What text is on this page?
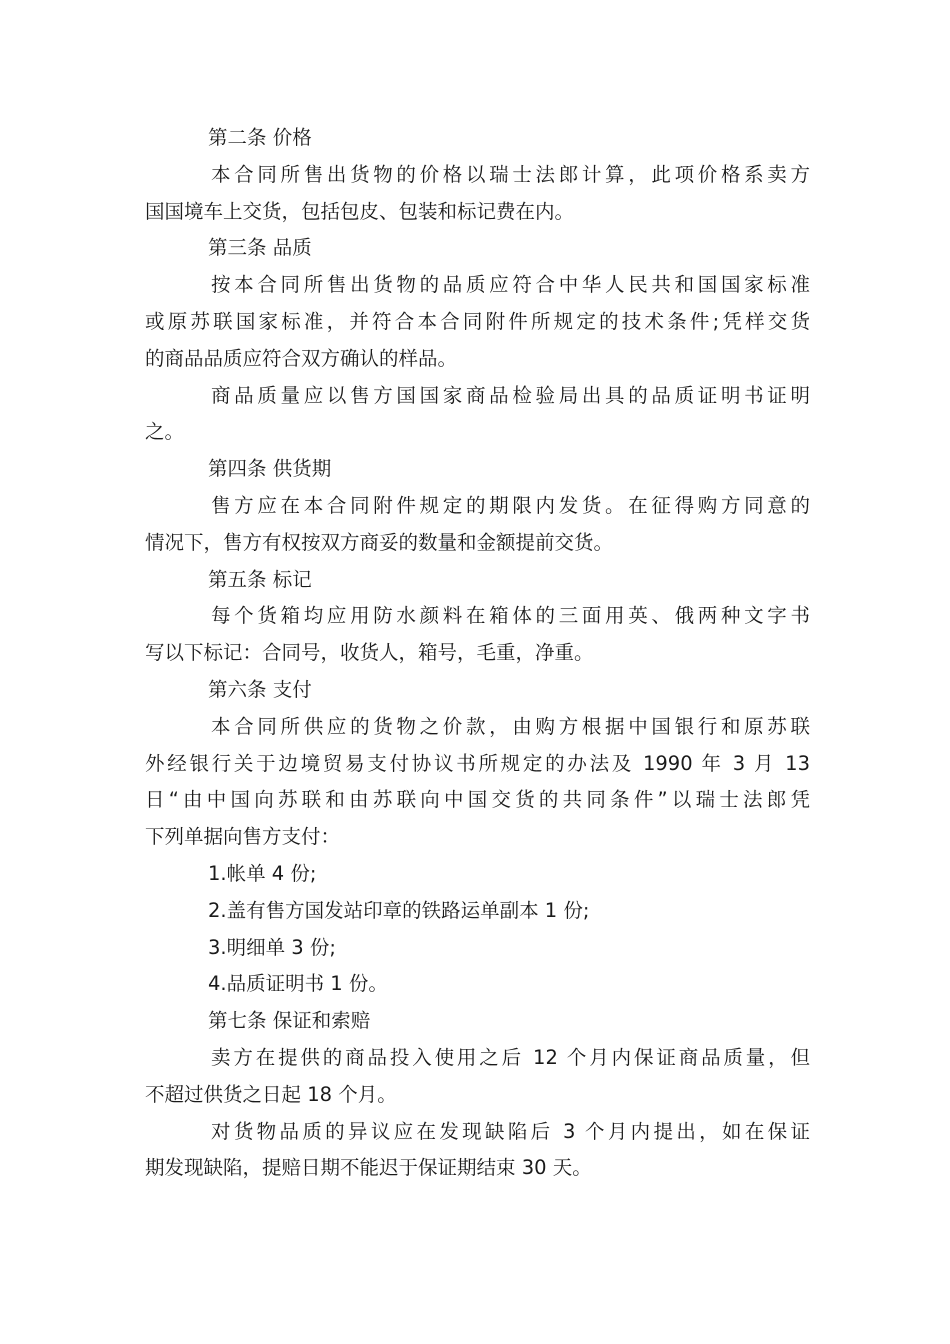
第二条 价格
本合同所售出货物的价格以瑞士法郎计算，此项价格系卖方
国国境车上交货，包括包皮、包装和标记费在内。
第三条 品质
按本合同所售出货物的品质应符合中华人民共和国国家标准
或原苏联国家标准，并符合本合同附件所规定的技术条件;凭样交货
的商品品质应符合双方确认的样品。
商品质量应以售方国国家商品检验局出具的品质证明书证明
之。
第四条 供货期
售方应在本合同附件规定的期限内发货。在征得购方同意的
情况下，售方有权按双方商妥的数量和金额提前交货。
第五条 标记
每个货箱均应用防水颜料在箱体的三面用英、俄两种文字书
写以下标记：合同号，收货人，箱号，毛重，净重。
第六条 支付
本合同所供应的货物之价款，由购方根据中国银行和原苏联
外经银行关于边境贸易支付协议书所规定的办法及 1990 年 3 月 13
日“由中国向苏联和由苏联向中国交货的共同条件”以瑞士法郎凭
下列单据向售方支付：
1.帐单 4 份;
2.盖有售方国发站印章的铁路运单副本 1 份;
3.明细单 3 份;
4.品质证明书 1 份。
第七条 保证和索赔
卖方在提供的商品投入使用之后 12 个月内保证商品质量，但
不超过供货之日起 18 个月。
对货物品质的异议应在发现缺陷后 3 个月内提出，如在保证
期发现缺陷，提赔日期不能迟于保证期结束 30 天。
